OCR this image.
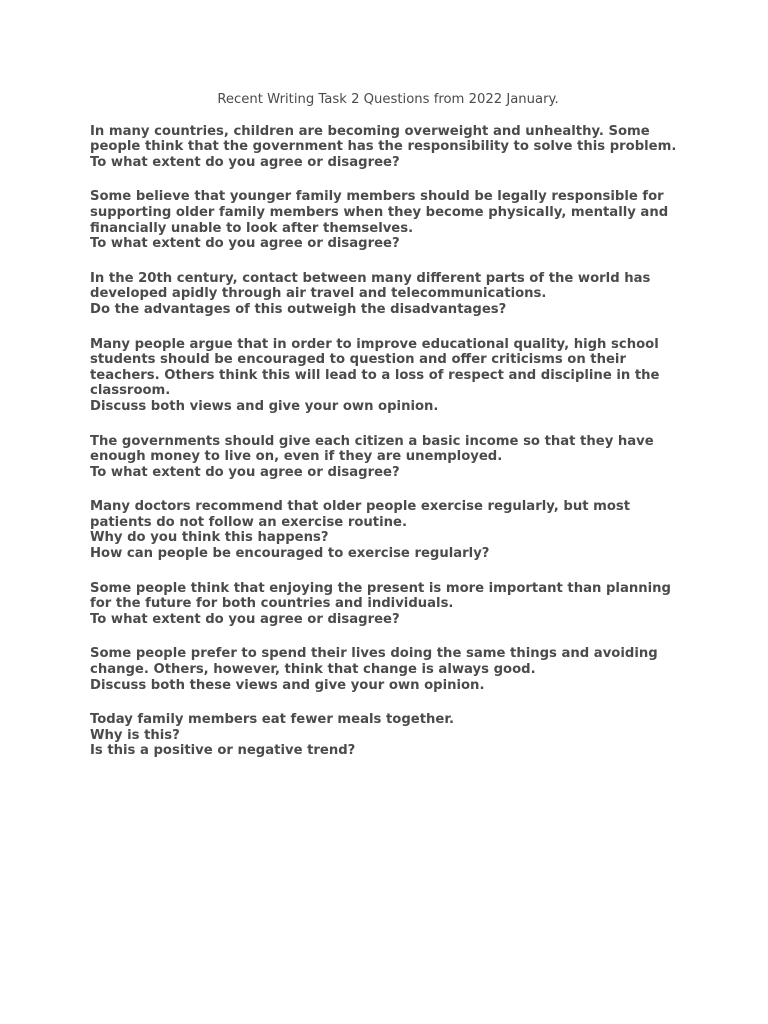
Recent Writing Task 2 Questions from 2022 January.
In many countries, children are becoming overweight and unhealthy. Some
people think that the government has the responsibility to solve this problem.
To what extent do you agree or disagree?
Some believe that younger family members should be legally responsible for
supporting older family members when they become physically, mentally and
financially unable to look after themselves.
To what extent do you agree or disagree?
In the 20th century, contact between many different parts of the world has
developed apidly through air travel and telecommunications.
Do the advantages of this outweigh the disadvantages?
Many people argue that in order to improve educational quality, high school
students should be encouraged to question and offer criticisms on their
teachers. Others think this will lead to a loss of respect and discipline in the
classroom.
Discuss both views and give your own opinion.
The governments should give each citizen a basic income so that they have
enough money to live on, even if they are unemployed.
To what extent do you agree or disagree?
Many doctors recommend that older people exercise regularly, but most
patients do not follow an exercise routine.
Why do you think this happens?
How can people be encouraged to exercise regularly?
Some people think that enjoying the present is more important than planning
for the future for both countries and individuals.
To what extent do you agree or disagree?
Some people prefer to spend their lives doing the same things and avoiding
change. Others, however, think that change is always good.
Discuss both these views and give your own opinion.
Today family members eat fewer meals together.
Why is this?
Is this a positive or negative trend?
